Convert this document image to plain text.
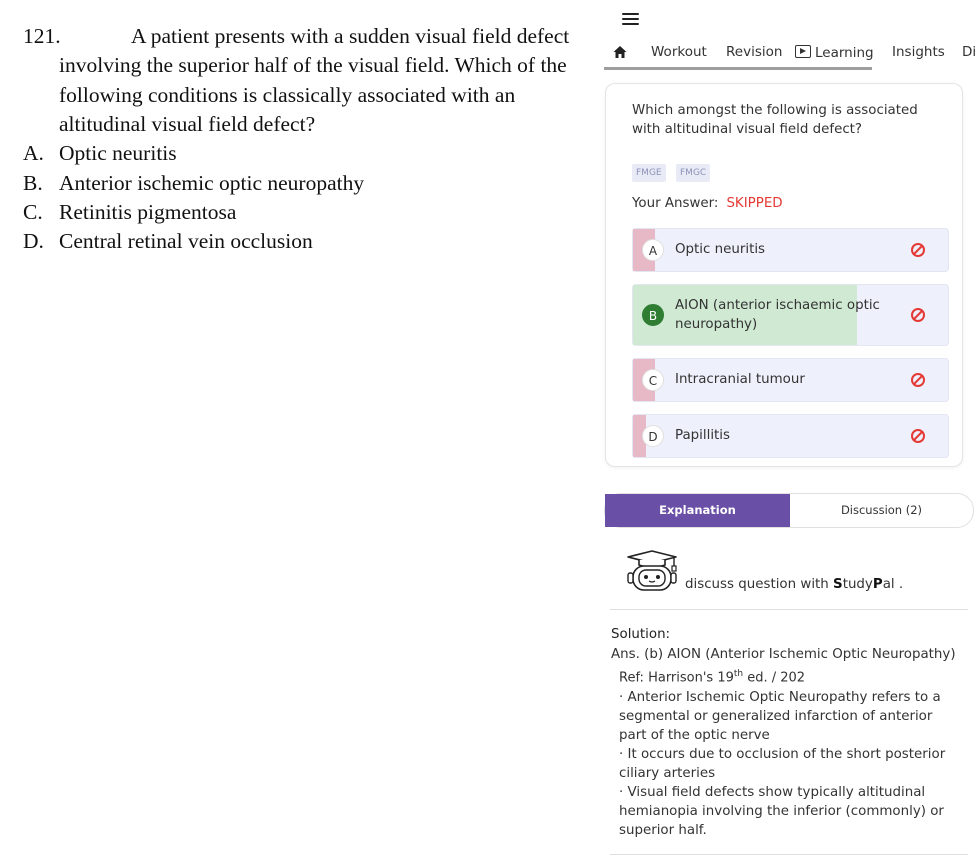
121.	A patient presents with a sudden visual field defect
involving the superior half of the visual field. Which of the
following conditions is classically associated with an
altitudinal visual field defect?
A. Optic neuritis
B. Anterior ischemic optic neuropathy
C. Retinitis pigmentosa
D. Central retinal vein occlusion
Workout Revision	Learning Insights Di
Which amongst the following is associated with altitudinal visual field defect?
FMGE	FMGC
Your Answer: SKIPPED
A	Optic neuritis
B
AION (anterior ischaemic optic neuropathy)
C	Intracranial tumour
D	Papillitis
Explanation	Discussion (2)
discuss question with StudyPal .
Solution:
Ans. (b) AION (Anterior Ischemic Optic Neuropathy)
Ref: Harrison's 19th ed. / 202
· Anterior Ischemic Optic Neuropathy refers to a segmental or generalized infarction of anterior part of the optic nerve
· It occurs due to occlusion of the short posterior ciliary arteries
· Visual field defects show typically altitudinal hemianopia involving the inferior (commonly) or superior half.
